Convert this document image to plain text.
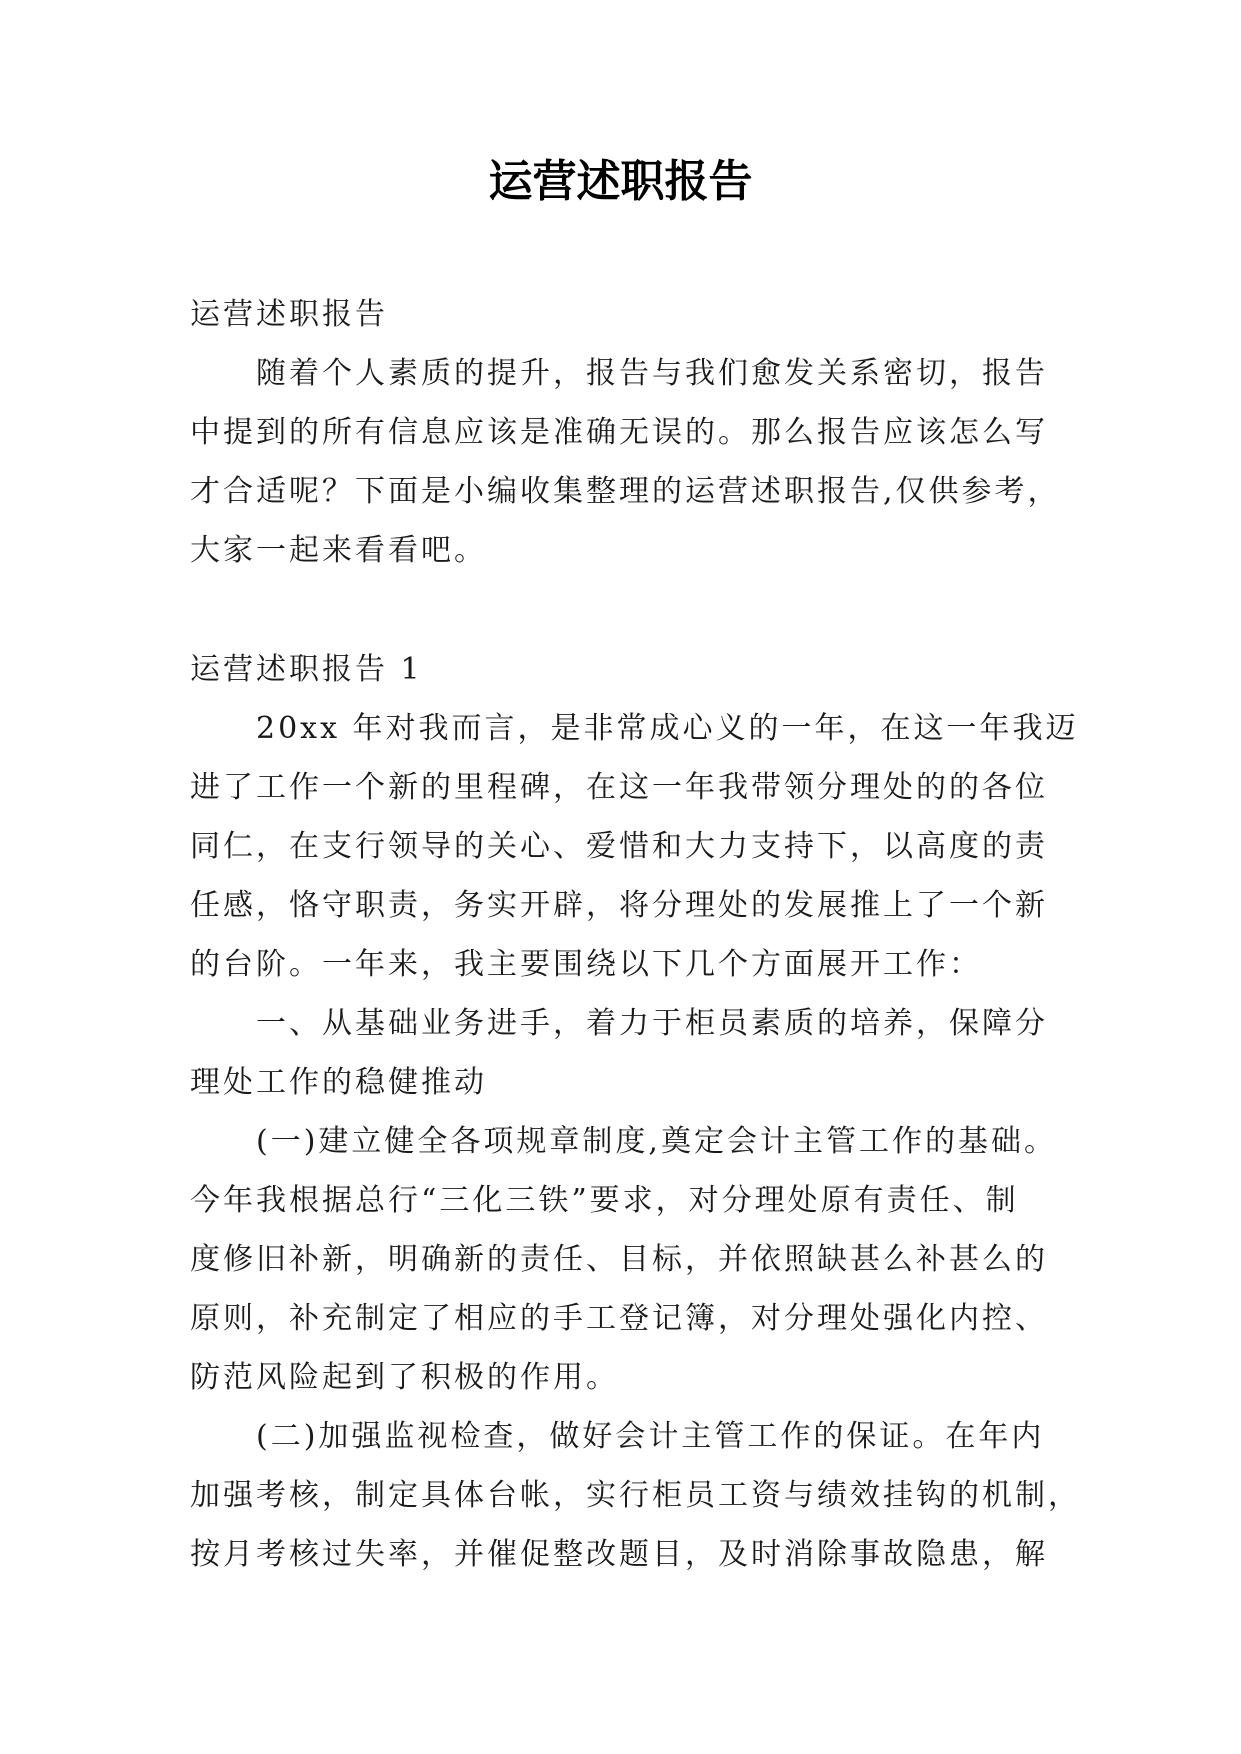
运营述职报告
运营述职报告
随着个人素质的提升，报告与我们愈发关系密切，报告
中提到的所有信息应该是准确无误的。那么报告应该怎么写
才合适呢？下面是小编收集整理的运营述职报告,仅供参考，
大家一起来看看吧。
运营述职报告 1
20xx 年对我而言，是非常成心义的一年，在这一年我迈
进了工作一个新的里程碑，在这一年我带领分理处的的各位
同仁，在支行领导的关心、爱惜和大力支持下，以高度的责
任感，恪守职责，务实开辟，将分理处的发展推上了一个新
的台阶。一年来，我主要围绕以下几个方面展开工作：
一、从基础业务进手，着力于柜员素质的培养，保障分
理处工作的稳健推动
(一)建立健全各项规章制度,奠定会计主管工作的基础。
今年我根据总行“三化三铁”要求，对分理处原有责任、制
度修旧补新，明确新的责任、目标，并依照缺甚么补甚么的
原则，补充制定了相应的手工登记簿，对分理处强化内控、
防范风险起到了积极的作用。
(二)加强监视检查，做好会计主管工作的保证。在年内
加强考核，制定具体台帐，实行柜员工资与绩效挂钩的机制，
按月考核过失率，并催促整改题目，及时消除事故隐患，解
